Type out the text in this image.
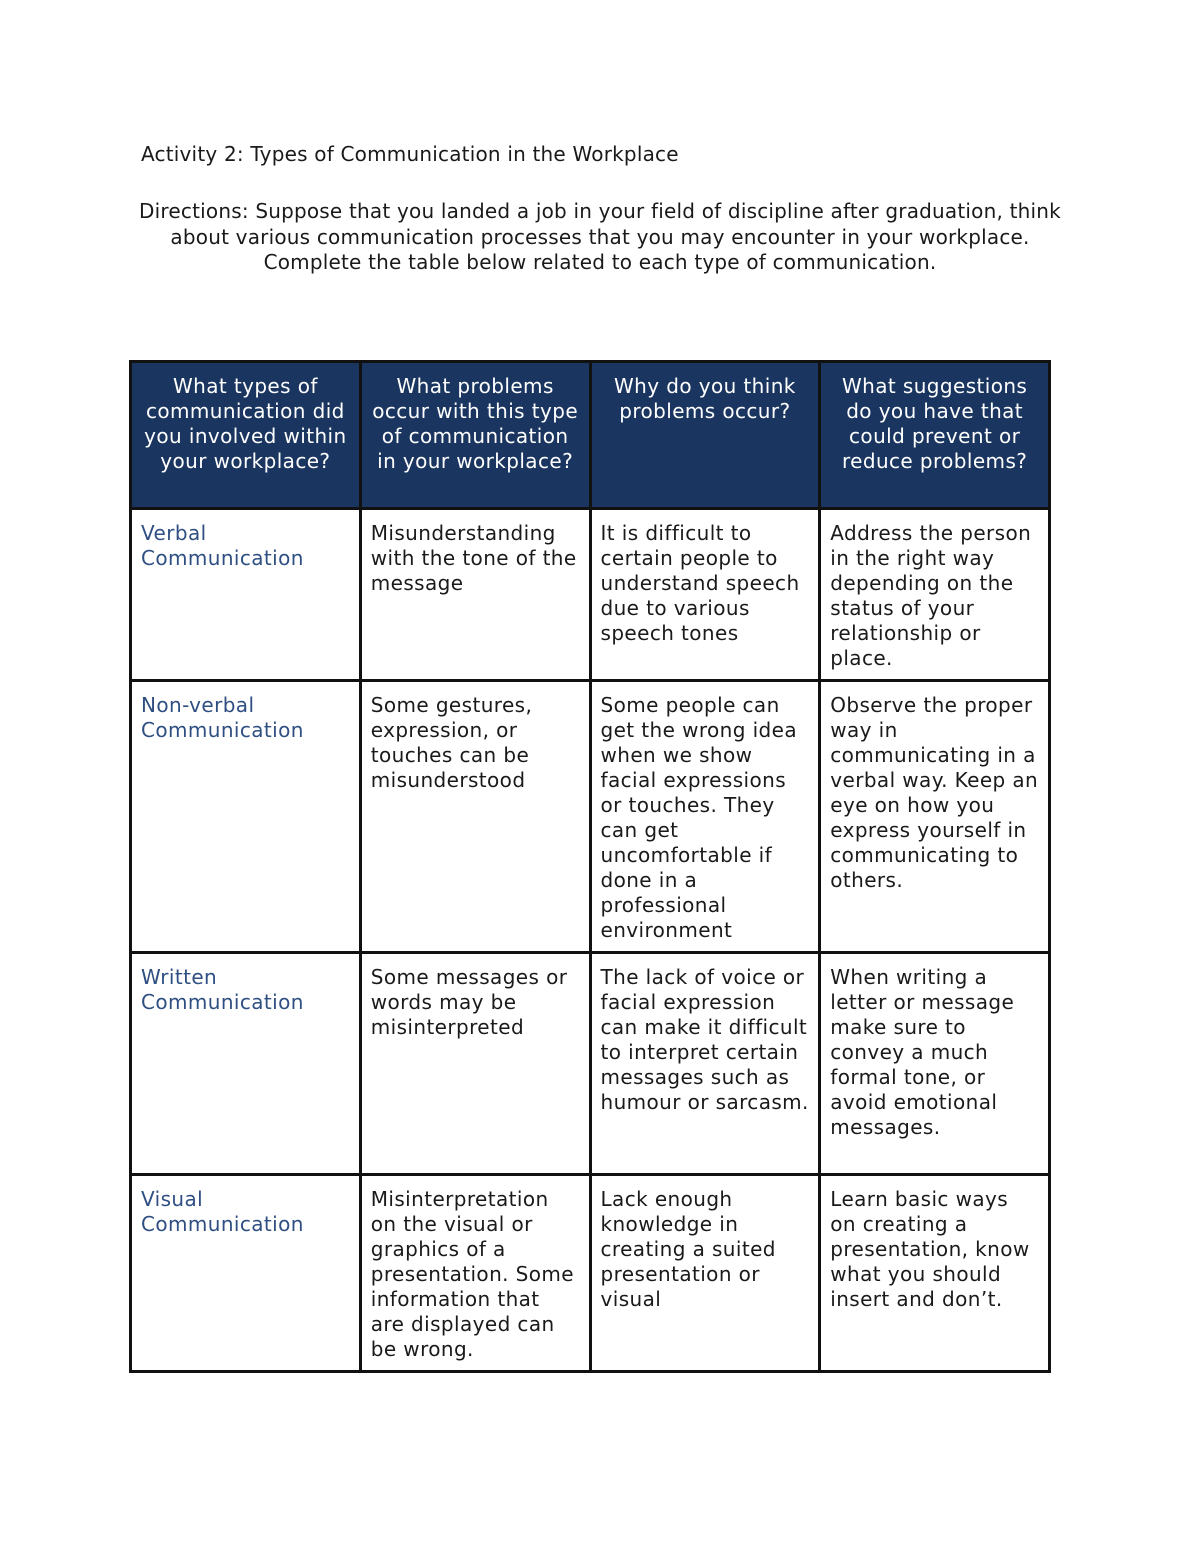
Activity 2: Types of Communication in the Workplace
Directions: Suppose that you landed a job in your field of discipline after graduation, think about various communication processes that you may encounter in your workplace. Complete the table below related to each type of communication.
What types of communication did you involved within your workplace?	What problems occur with this type of communication in your workplace?	Why do you think problems occur?	What suggestions do you have that could prevent or reduce problems?
Verbal Communication	Misunderstanding with the tone of the message	It is difficult to certain people to understand speech due to various speech tones	Address the person in the right way depending on the status of your relationship or place.
Non-verbal Communication	Some gestures, expression, or touches can be misunderstood	Some people can get the wrong idea when we show facial expressions or touches. They can get uncomfortable if done in a professional environment	Observe the proper way in communicating in a verbal way. Keep an eye on how you express yourself in communicating to others.
Written Communication	Some messages or words may be misinterpreted	The lack of voice or facial expression can make it difficult to interpret certain messages such as humour or sarcasm.	When writing a letter or message make sure to convey a much formal tone, or avoid emotional messages.
Visual Communication	Misinterpretation on the visual or graphics of a presentation. Some information that are displayed can be wrong.	Lack enough knowledge in creating a suited presentation or visual	Learn basic ways on creating a presentation, know what you should insert and don’t.
